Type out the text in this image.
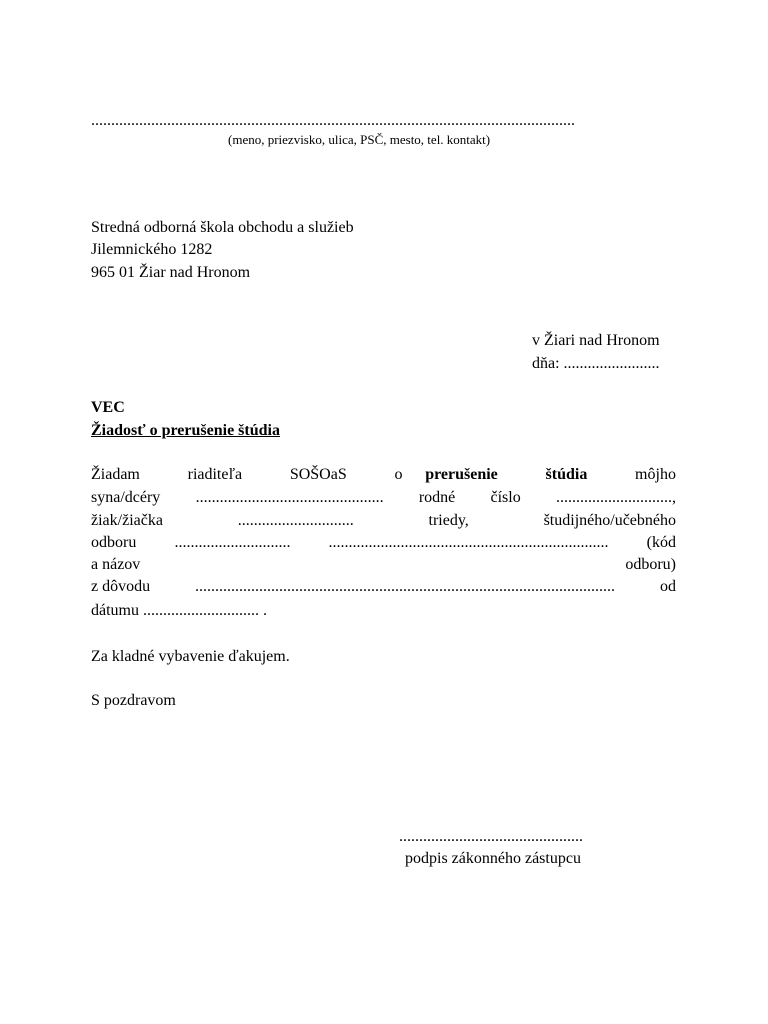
.........................................................................................................................
(meno, priezvisko, ulica, PSČ, mesto, tel. kontakt)
Stredná odborná škola obchodu a služieb
Jilemnického 1282
965 01 Žiar nad Hronom
v Žiari nad Hronom
dňa: ........................
VEC
Žiadosť o prerušenie štúdia
Žiadam	riaditeľa	SOŠOaS	o prerušenie	štúdia	môjho
syna/dcéry ............................................... rodné číslo .............................,
žiak/žiačka	.............................	triedy,	študijného/učebného
odboru ............................. ...................................................................... (kód
a názov	odboru)
z dôvodu	.........................................................................................................	od
dátumu ............................. .
Za kladné vybavenie ďakujem.
S pozdravom
..............................................
podpis zákonného zástupcu
